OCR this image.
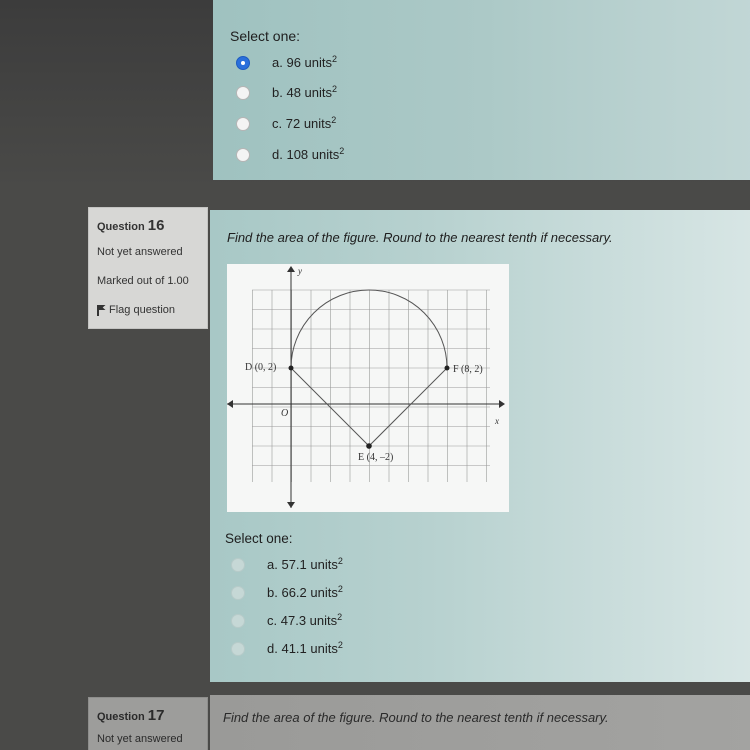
Select one:
a.
96 units$^2$
b.
48 units$^2$
c.
72 units$^2$
d.
108 units$^2$
Question 16
Not yet answered
Marked out of 1.00
Flag question
Find the area of the figure. Round to the nearest tenth if necessary.
Select one:
a.
57.1 units$^2$
b.
66.2 units$^2$
c.
47.3 units$^2$
d.
41.1 units$^2$
y
x
O
D (0, 2)	F (8, 2)
E (4, –2)
Question 17
Not yet answered
Find the area of the figure. Round to the nearest tenth if necessary.
